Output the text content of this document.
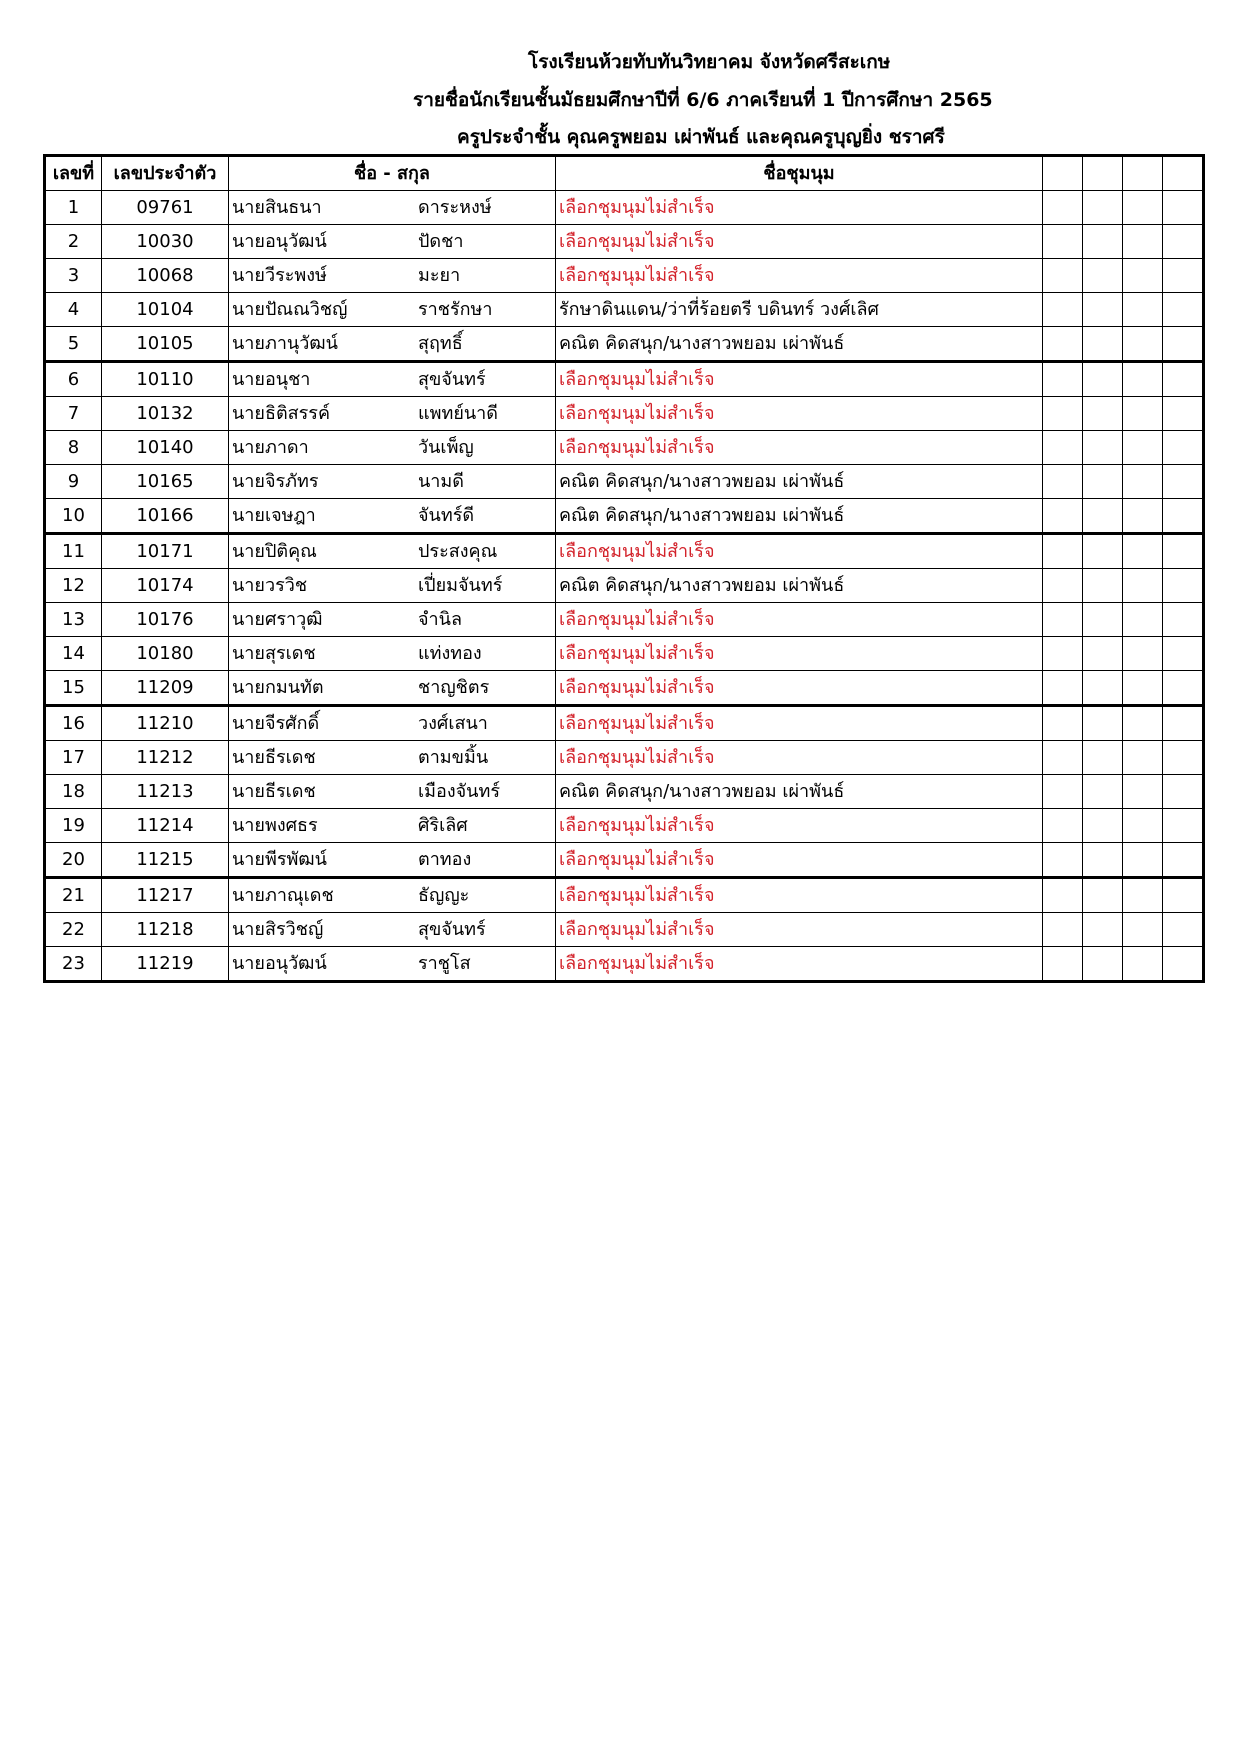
โรงเรียนห้วยทับทันวิทยาคม จังหวัดศรีสะเกษ
รายชื่อนักเรียนชั้นมัธยมศึกษาปีที่ 6/6 ภาคเรียนที่ 1 ปีการศึกษา 2565
ครูประจำชั้น คุณครูพยอม เผ่าพันธ์ และคุณครูบุญยิ่ง ชราศรี
เลขที่	เลขประจำตัว	ชื่อ - สกุล		ชื่อชุมนุม				
1	09761	นายสินธนา	ดาระหงษ์	เลือกชุมนุมไม่สำเร็จ				
2	10030	นายอนุวัฒน์	ปัดชา	เลือกชุมนุมไม่สำเร็จ				
3	10068	นายวีระพงษ์	มะยา	เลือกชุมนุมไม่สำเร็จ				
4	10104	นายปัณณวิชญ์	ราชรักษา	รักษาดินแดน/ว่าที่ร้อยตรี บดินทร์ วงศ์เลิศ				
5	10105	นายภานุวัฒน์	สุฤทธิ์	คณิต คิดสนุก/นางสาวพยอม เผ่าพันธ์				
6	10110	นายอนุชา	สุขจันทร์	เลือกชุมนุมไม่สำเร็จ				
7	10132	นายธิติสรรค์	แพทย์นาดี	เลือกชุมนุมไม่สำเร็จ				
8	10140	นายภาดา	วันเพ็ญ	เลือกชุมนุมไม่สำเร็จ				
9	10165	นายจิรภัทร	นามดี	คณิต คิดสนุก/นางสาวพยอม เผ่าพันธ์				
10	10166	นายเจษฎา	จันทร์ดี	คณิต คิดสนุก/นางสาวพยอม เผ่าพันธ์				
11	10171	นายปิติคุณ	ประสงคุณ	เลือกชุมนุมไม่สำเร็จ				
12	10174	นายวรวิช	เปี่ยมจันทร์	คณิต คิดสนุก/นางสาวพยอม เผ่าพันธ์				
13	10176	นายศราวุฒิ	จำนิล	เลือกชุมนุมไม่สำเร็จ				
14	10180	นายสุรเดช	แท่งทอง	เลือกชุมนุมไม่สำเร็จ				
15	11209	นายกมนทัต	ชาญชิตร	เลือกชุมนุมไม่สำเร็จ				
16	11210	นายจีรศักดิ์	วงศ์เสนา	เลือกชุมนุมไม่สำเร็จ				
17	11212	นายธีรเดช	ตามขมิ้น	เลือกชุมนุมไม่สำเร็จ				
18	11213	นายธีรเดช	เมืองจันทร์	คณิต คิดสนุก/นางสาวพยอม เผ่าพันธ์				
19	11214	นายพงศธร	ศิริเลิศ	เลือกชุมนุมไม่สำเร็จ				
20	11215	นายพีรพัฒน์	ตาทอง	เลือกชุมนุมไม่สำเร็จ				
21	11217	นายภาณุเดช	ธัญญะ	เลือกชุมนุมไม่สำเร็จ				
22	11218	นายสิรวิชญ์	สุขจันทร์	เลือกชุมนุมไม่สำเร็จ				
23	11219	นายอนุวัฒน์	ราชูโส	เลือกชุมนุมไม่สำเร็จ				
